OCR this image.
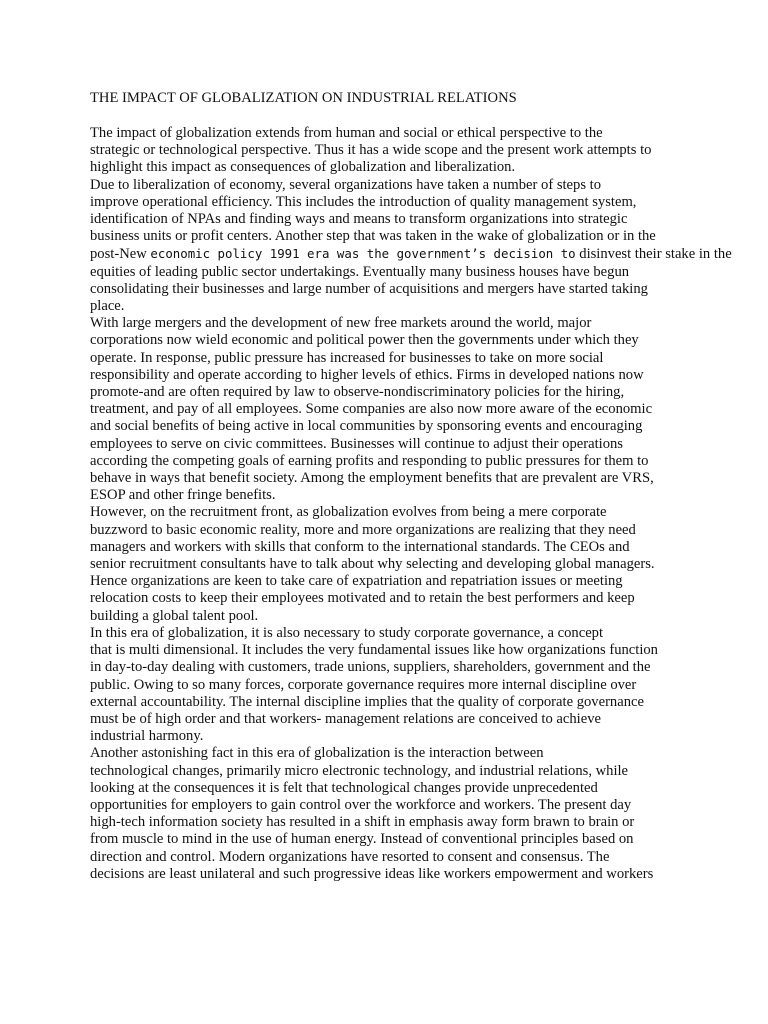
THE IMPACT OF GLOBALIZATION ON INDUSTRIAL RELATIONS

The impact of globalization extends from human and social or ethical perspective to the
strategic or technological perspective. Thus it has a wide scope and the present work attempts to
highlight this impact as consequences of globalization and liberalization.

Due to liberalization of economy, several organizations have taken a number of steps to
improve operational efficiency. This includes the introduction of quality management system,
identification of NPAs and finding ways and means to transform organizations into strategic
business units or profit centers. Another step that was taken in the wake of globalization or in the
post-New economic policy 1991 era was the government’s decision to disinvest their stake in the
equities of leading public sector undertakings. Eventually many business houses have begun
consolidating their businesses and large number of acquisitions and mergers have started taking
place.

With large mergers and the development of new free markets around the world, major
corporations now wield economic and political power then the governments under which they
operate. In response, public pressure has increased for businesses to take on more social
responsibility and operate according to higher levels of ethics. Firms in developed nations now
promote-and are often required by law to observe-nondiscriminatory policies for the hiring,
treatment, and pay of all employees. Some companies are also now more aware of the economic
and social benefits of being active in local communities by sponsoring events and encouraging
employees to serve on civic committees. Businesses will continue to adjust their operations
according the competing goals of earning profits and responding to public pressures for them to
behave in ways that benefit society. Among the employment benefits that are prevalent are VRS,
ESOP and other fringe benefits.

However, on the recruitment front, as globalization evolves from being a mere corporate
buzzword to basic economic reality, more and more organizations are realizing that they need
managers and workers with skills that conform to the international standards. The CEOs and
senior recruitment consultants have to talk about why selecting and developing global managers.
Hence organizations are keen to take care of expatriation and repatriation issues or meeting
relocation costs to keep their employees motivated and to retain the best performers and keep
building a global talent pool.

In this era of globalization, it is also necessary to study corporate governance, a concept
that is multi dimensional. It includes the very fundamental issues like how organizations function
in day-to-day dealing with customers, trade unions, suppliers, shareholders, government and the
public. Owing to so many forces, corporate governance requires more internal discipline over
external accountability. The internal discipline implies that the quality of corporate governance
must be of high order and that workers- management relations are conceived to achieve
industrial harmony.

Another astonishing fact in this era of globalization is the interaction between
technological changes, primarily micro electronic technology, and industrial relations, while
looking at the consequences it is felt that technological changes provide unprecedented
opportunities for employers to gain control over the workforce and workers. The present day
high-tech information society has resulted in a shift in emphasis away form brawn to brain or
from muscle to mind in the use of human energy. Instead of conventional principles based on
direction and control. Modern organizations have resorted to consent and consensus. The
decisions are least unilateral and such progressive ideas like workers empowerment and workers
